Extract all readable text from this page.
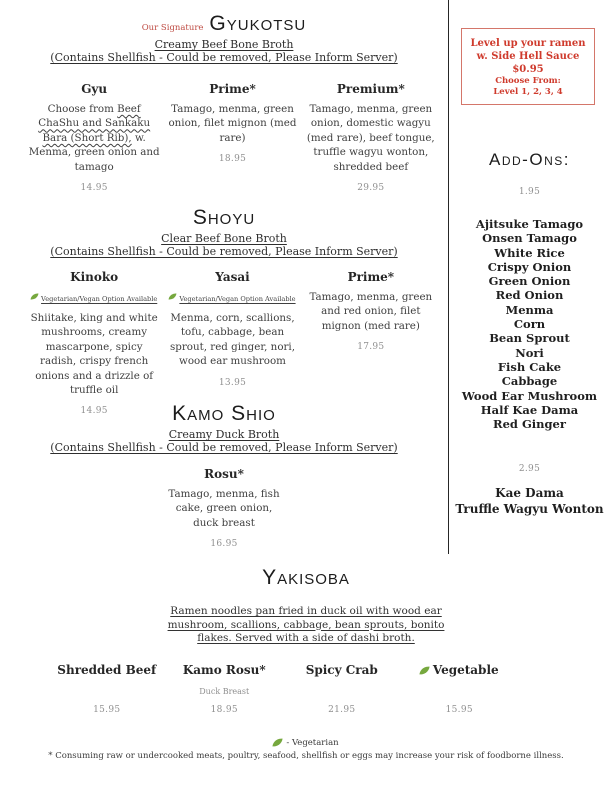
Level up your ramen
w. Side Hell Sauce
$0.95
Choose From:
Level 1, 2, 3, 4
Our Signature Gyukotsu
Creamy Beef Bone Broth
(Contains Shellfish - Could be removed, Please Inform Server)
Gyu
Choose from Beef ChaShu and Sankaku Bara (Short Rib), w. Menma, green onion and tamago
14.95
Prime*
Tamago, menma, green onion, filet mignon (med rare)
18.95
Premium*
Tamago, menma, green onion, domestic wagyu (med rare), beef tongue, truffle wagyu wonton, shredded beef
29.95
Shoyu
Clear Beef Bone Broth
(Contains Shellfish - Could be removed, Please Inform Server)
Kinoko
Vegetarian/Vegan Option Available
Shiitake, king and white mushrooms, creamy mascarpone, spicy radish, crispy french onions and a drizzle of truffle oil
14.95
Yasai
Vegetarian/Vegan Option Available
Menma, corn, scallions, tofu, cabbage, bean sprout, red ginger, nori, wood ear mushroom
13.95
Prime*
Tamago, menma, green and red onion, filet mignon (med rare)
17.95
Kamo Shio
Creamy Duck Broth
(Contains Shellfish - Could be removed, Please Inform Server)
Rosu*
Tamago, menma, fish cake, green onion, duck breast
16.95
Yakisoba
Ramen noodles pan fried in duck oil with wood ear mushroom, scallions, cabbage, bean sprouts, bonito flakes. Served with a side of dashi broth.
Shredded Beef
15.95
Kamo Rosu*
Duck Breast
18.95
Spicy Crab
21.95
Vegetable
15.95
Add-Ons:
1.95
Ajitsuke Tamago
Onsen Tamago
White Rice
Crispy Onion
Green Onion
Red Onion
Menma
Corn
Bean Sprout
Nori
Fish Cake
Cabbage
Wood Ear Mushroom
Half Kae Dama
Red Ginger
2.95
Kae Dama
Truffle Wagyu Wonton
- Vegetarian
* Consuming raw or undercooked meats, poultry, seafood, shellfish or eggs may increase your risk of foodborne illness.
